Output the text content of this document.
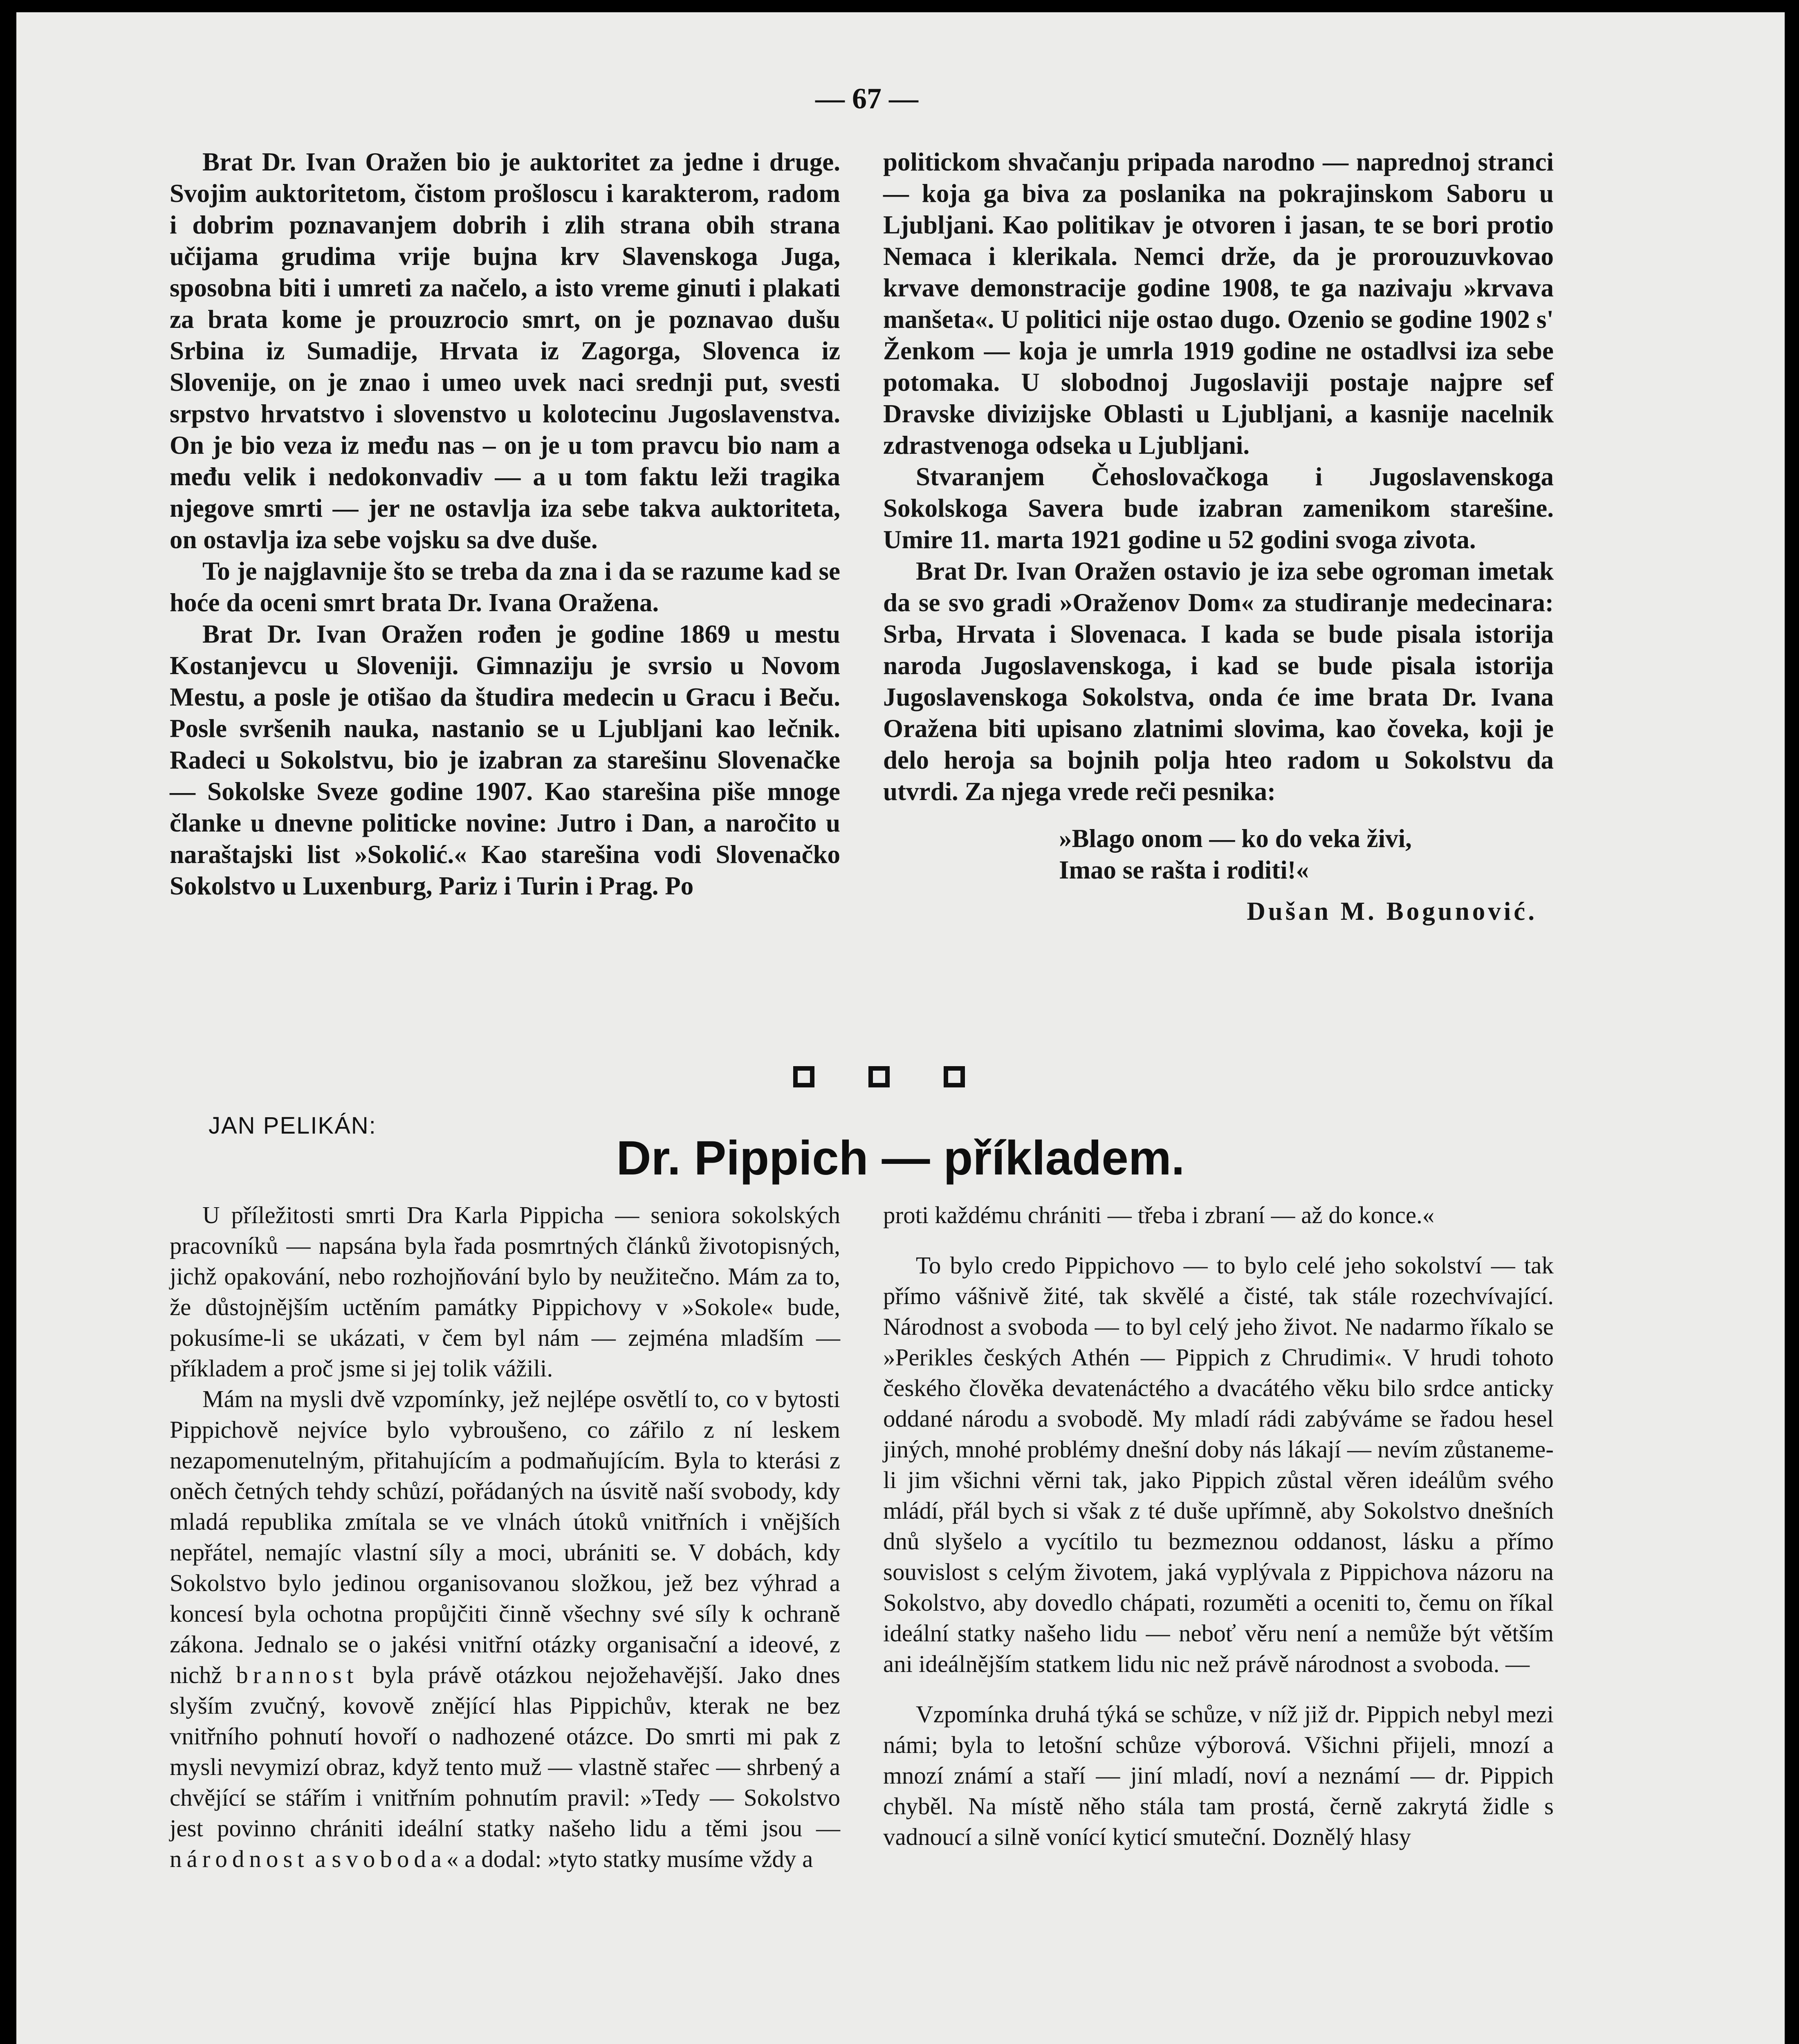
— 67 —

Brat Dr. Ivan Oražen bio je auktoritet za jedne i druge. Svojim auktoritetom, čistom prošloscu i karakterom, radom i dobrim poznavanjem dobrih i zlih strana obih strana učijama grudima vrije bujna krv Slavenskoga Juga, sposobna biti i umreti za načelo, a isto vreme ginuti i plakati za brata kome je prouzrocio smrt, on je poznavao dušu Srbina iz Sumadije, Hrvata iz Zagorga, Slovenca iz Slovenije, on je znao i umeo uvek naci srednji put, svesti srpstvo hrvatstvo i slovenstvo u kolotecinu Jugoslavenstva. On je bio veza iz među nas – on je u tom pravcu bio nam a među velik i nedokonvadiv — a u tom faktu leži tragika njegove smrti — jer ne ostavlja iza sebe takva auktoriteta, on ostavlja iza sebe vojsku sa dve duše.

To je najglavnije što se treba da zna i da se razume kad se hoće da oceni smrt brata Dr. Ivana Oražena.

Brat Dr. Ivan Oražen rođen je godine 1869 u mestu Kostanjevcu u Sloveniji. Gimnaziju je svrsio u Novom Mestu, a posle je otišao da študira medecin u Gracu i Beču. Posle svršenih nauka, nastanio se u Ljubljani kao lečnik. Radeci u Sokolstvu, bio je izabran za starešinu Slovenačke — Sokolske Sveze godine 1907. Kao starešina piše mnoge članke u dnevne politicke novine: Jutro i Dan, a naročito u naraštajski list »Sokolić.« Kao starešina vodi Slovenačko Sokolstvo u Luxenburg, Pariz i Turin i Prag. Po

politickom shvačanju pripada narodno — naprednoj stranci — koja ga biva za poslanika na pokrajinskom Saboru u Ljubljani. Kao politikav je otvoren i jasan, te se bori protio Nemaca i klerikala. Nemci drže, da je prorouzuvkovao krvave demonstracije godine 1908, te ga nazivaju »krvava manšeta«. U politici nije ostao dugo. Ozenio se godine 1902 s' Ženkom — koja je umrla 1919 godine ne ostadlvsi iza sebe potomaka. U slobodnoj Jugoslaviji postaje najpre sef Dravske divizijske Oblasti u Ljubljani, a kasnije nacelnik zdrastvenoga odseka u Ljubljani.

Stvaranjem Čehoslovačkoga i Jugoslavenskoga Sokolskoga Savera bude izabran zamenikom starešine. Umire 11. marta 1921 godine u 52 godini svoga zivota.

Brat Dr. Ivan Oražen ostavio je iza sebe ogroman imetak da se svo gradi »Oraženov Dom« za studiranje medecinara: Srba, Hrvata i Slovenaca. I kada se bude pisala istorija naroda Jugoslavenskoga, i kad se bude pisala istorija Jugoslavenskoga Sokolstva, onda će ime brata Dr. Ivana Oražena biti upisano zlatnimi slovima, kao čoveka, koji je delo heroja sa bojnih polja hteo radom u Sokolstvu da utvrdi. Za njega vrede reči pesnika:

»Blago onom — ko do veka živi,
Imao se rašta i roditi!«
Dušan M. Bogunović.
JAN PELIKÁN:
Dr. Pippich — příkladem.

U příležitosti smrti Dra Karla Pippicha — seniora sokolských pracovníků — napsána byla řada posmrtných článků životopisných, jichž opakování, nebo rozhojňování bylo by neužitečno. Mám za to, že důstojnějším uctěním památky Pippichovy v »Sokole« bude, pokusíme-li se ukázati, v čem byl nám — zejména mladším — příkladem a proč jsme si jej tolik vážili.

Mám na mysli dvě vzpomínky, jež nejlépe osvětlí to, co v bytosti Pippichově nejvíce bylo vybroušeno, co zářilo z ní leskem nezapomenutelným, přitahujícím a podmaňujícím. Byla to kterási z oněch četných tehdy schůzí, pořádaných na úsvitě naší svobody, kdy mladá republika zmítala se ve vlnách útoků vnitřních i vnějších nepřátel, nemajíc vlastní síly a moci, ubrániti se. V dobách, kdy Sokolstvo bylo jedinou organisovanou složkou, jež bez výhrad a koncesí byla ochotna propůjčiti činně všechny své síly k ochraně zákona. Jednalo se o jakési vnitřní otázky organisační a ideové, z nichž brannost byla právě otázkou nejožehavější. Jako dnes slyším zvučný, kovově znějící hlas Pippichův, kterak ne bez vnitřního pohnutí hovoří o nadhozené otázce. Do smrti mi pak z mysli nevymizí obraz, když tento muž — vlastně stařec — shrbený a chvějící se stářím i vnitřním pohnutím pravil: »Tedy — Sokolstvo jest povinno chrániti ideální statky našeho lidu a těmi jsou — národnost a svoboda« a dodal: »tyto statky musíme vždy a

proti každému chrániti — třeba i zbraní — až do konce.«

To bylo credo Pippichovo — to bylo celé jeho sokolství — tak přímo vášnivě žité, tak skvělé a čisté, tak stále rozechvívající. Národnost a svoboda — to byl celý jeho život. Ne nadarmo říkalo se »Perikles českých Athén — Pippich z Chrudimi«. V hrudi tohoto českého člověka devatenáctého a dvacátého věku bilo srdce anticky oddané národu a svobodě. My mladí rádi zabýváme se řadou hesel jiných, mnohé problémy dnešní doby nás lákají — nevím zůstaneme-li jim všichni věrni tak, jako Pippich zůstal věren ideálům svého mládí, přál bych si však z té duše upřímně, aby Sokolstvo dnešních dnů slyšelo a vycítilo tu bezmeznou oddanost, lásku a přímo souvislost s celým životem, jaká vyplývala z Pippichova názoru na Sokolstvo, aby dovedlo chápati, rozuměti a oceniti to, čemu on říkal ideální statky našeho lidu — neboť věru není a nemůže být větším ani ideálnějším statkem lidu nic než právě národnost a svoboda. —

Vzpomínka druhá týká se schůze, v níž již dr. Pippich nebyl mezi námi; byla to letošní schůze výborová. Všichni přijeli, mnozí a mnozí známí a staří — jiní mladí, noví a neznámí — dr. Pippich chyběl. Na místě něho stála tam prostá, černě zakrytá židle s vadnoucí a silně vonící kyticí smuteční. Doznělý hlasy
